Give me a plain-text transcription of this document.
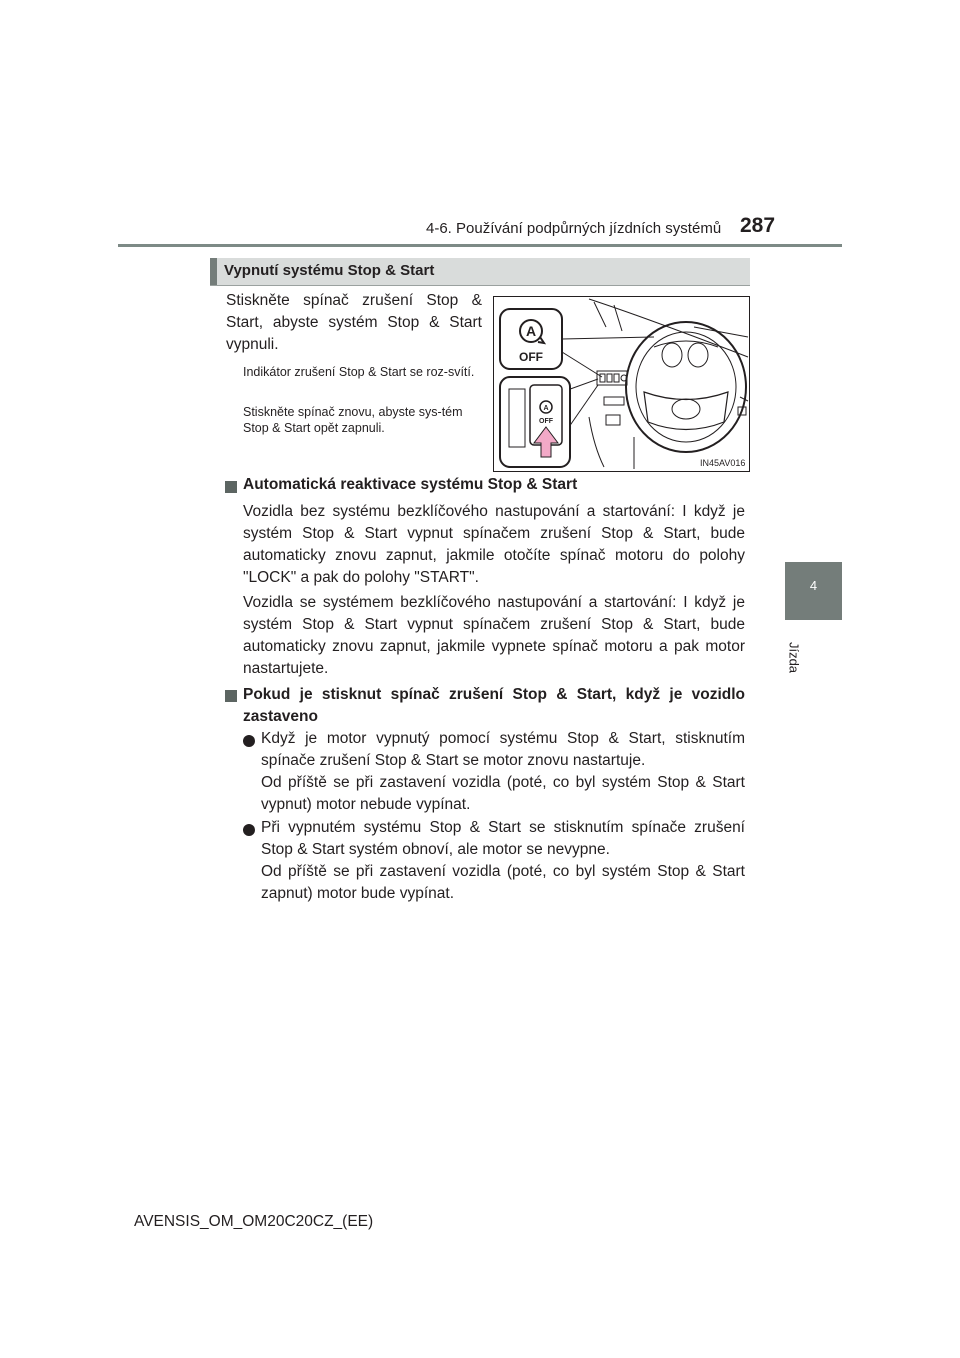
4-6. Používání podpůrných jízdních systémů 287
4
Jízda
Vypnutí systému Stop & Start
Stiskněte spínač zrušení Stop & Start, abyste systém Stop & Start vypnuli.
Indikátor zrušení Stop & Start se roz-svítí.
Stiskněte spínač znovu, abyste sys-tém Stop & Start opět zapnuli.
A
OFF
A
OFF
IN45AV016
Automatická reaktivace systému Stop & Start
Vozidla bez systému bezklíčového nastupování a startování: I když je systém Stop & Start vypnut spínačem zrušení Stop & Start, bude automaticky znovu zapnut, jakmile otočíte spínač motoru do polohy "LOCK" a pak do polohy "START".
Vozidla se systémem bezklíčového nastupování a startování: I když je systém Stop & Start vypnut spínačem zrušení Stop & Start, bude automaticky znovu zapnut, jakmile vypnete spínač motoru a pak motor nastartujete.
Pokud je stisknut spínač zrušení Stop & Start, když je vozidlo zastaveno
Když je motor vypnutý pomocí systému Stop & Start, stisknutím spínače zrušení Stop & Start se motor znovu nastartuje.
Od příště se při zastavení vozidla (poté, co byl systém Stop & Start vypnut) motor nebude vypínat.
Při vypnutém systému Stop & Start se stisknutím spínače zrušení Stop & Start systém obnoví, ale motor se nevypne.
Od příště se při zastavení vozidla (poté, co byl systém Stop & Start zapnut) motor bude vypínat.
AVENSIS_OM_OM20C20CZ_(EE)
